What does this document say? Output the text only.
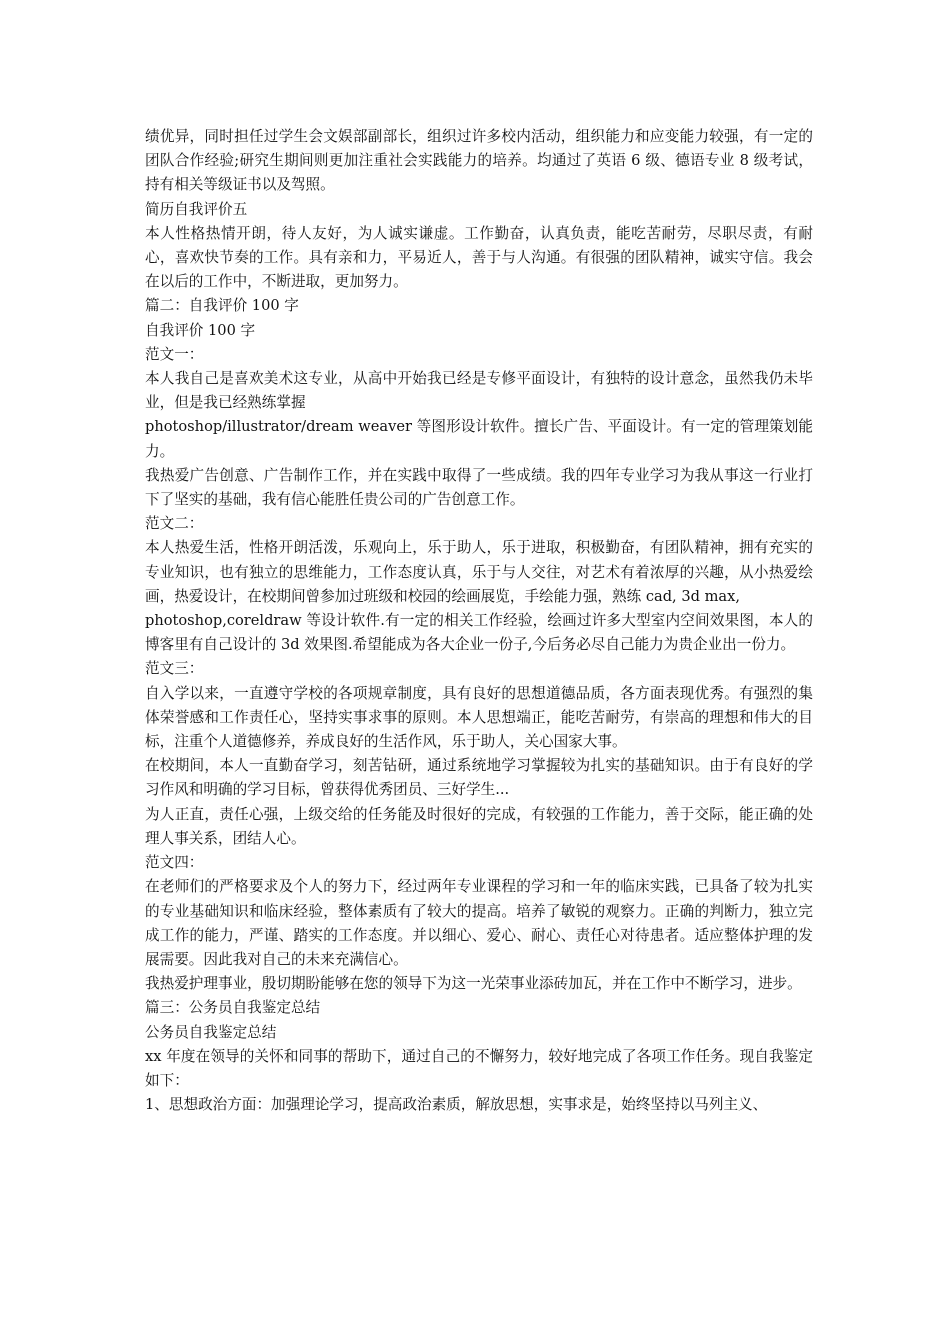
绩优异，同时担任过学生会文娱部副部长，组织过许多校内活动，组织能力和应变能力较强，有一定的团队合作经验;研究生期间则更加注重社会实践能力的培养。均通过了英语 6 级、德语专业 8 级考试，持有相关等级证书以及驾照。

简历自我评价五

本人性格热情开朗，待人友好，为人诚实谦虚。工作勤奋，认真负责，能吃苦耐劳，尽职尽责，有耐心，喜欢快节奏的工作。具有亲和力，平易近人，善于与人沟通。有很强的团队精神，诚实守信。我会在以后的工作中，不断进取，更加努力。

篇二：自我评价 100 字

自我评价 100 字

范文一：

本人我自己是喜欢美术这专业，从高中开始我已经是专修平面设计，有独特的设计意念，虽然我仍未毕业，但是我已经熟练掌握

photoshop/illustrator/dream weaver 等图形设计软件。擅长广告、平面设计。有一定的管理策划能力。

我热爱广告创意、广告制作工作，并在实践中取得了一些成绩。我的四年专业学习为我从事这一行业打下了坚实的基础，我有信心能胜任贵公司的广告创意工作。

范文二：

本人热爱生活，性格开朗活泼，乐观向上，乐于助人，乐于进取，积极勤奋，有团队精神，拥有充实的专业知识，也有独立的思维能力，工作态度认真，乐于与人交往，对艺术有着浓厚的兴趣，从小热爱绘画，热爱设计，在校期间曾参加过班级和校园的绘画展览，手绘能力强，熟练 cad, 3d max,

photoshop,coreldraw 等设计软件.有一定的相关工作经验，绘画过许多大型室内空间效果图，本人的博客里有自己设计的 3d 效果图.希望能成为各大企业一份子,今后务必尽自己能力为贵企业出一份力。

范文三：

自入学以来，一直遵守学校的各项规章制度，具有良好的思想道德品质，各方面表现优秀。有强烈的集体荣誉感和工作责任心，坚持实事求事的原则。本人思想端正，能吃苦耐劳，有崇高的理想和伟大的目标，注重个人道德修养，养成良好的生活作风，乐于助人，关心国家大事。

在校期间，本人一直勤奋学习，刻苦钻研，通过系统地学习掌握较为扎实的基础知识。由于有良好的学习作风和明确的学习目标，曾获得优秀团员、三好学生...

为人正直，责任心强，上级交给的任务能及时很好的完成，有较强的工作能力，善于交际，能正确的处理人事关系，团结人心。

范文四：

在老师们的严格要求及个人的努力下，经过两年专业课程的学习和一年的临床实践，已具备了较为扎实的专业基础知识和临床经验，整体素质有了较大的提高。培养了敏锐的观察力。正确的判断力，独立完成工作的能力，严谨、踏实的工作态度。并以细心、爱心、耐心、责任心对待患者。适应整体护理的发展需要。因此我对自己的未来充满信心。

我热爱护理事业，殷切期盼能够在您的领导下为这一光荣事业添砖加瓦，并在工作中不断学习，进步。

篇三：公务员自我鉴定总结

公务员自我鉴定总结

xx 年度在领导的关怀和同事的帮助下，通过自己的不懈努力，较好地完成了各项工作任务。现自我鉴定如下：

1、思想政治方面：加强理论学习，提高政治素质，解放思想，实事求是，始终坚持以马列主义、
